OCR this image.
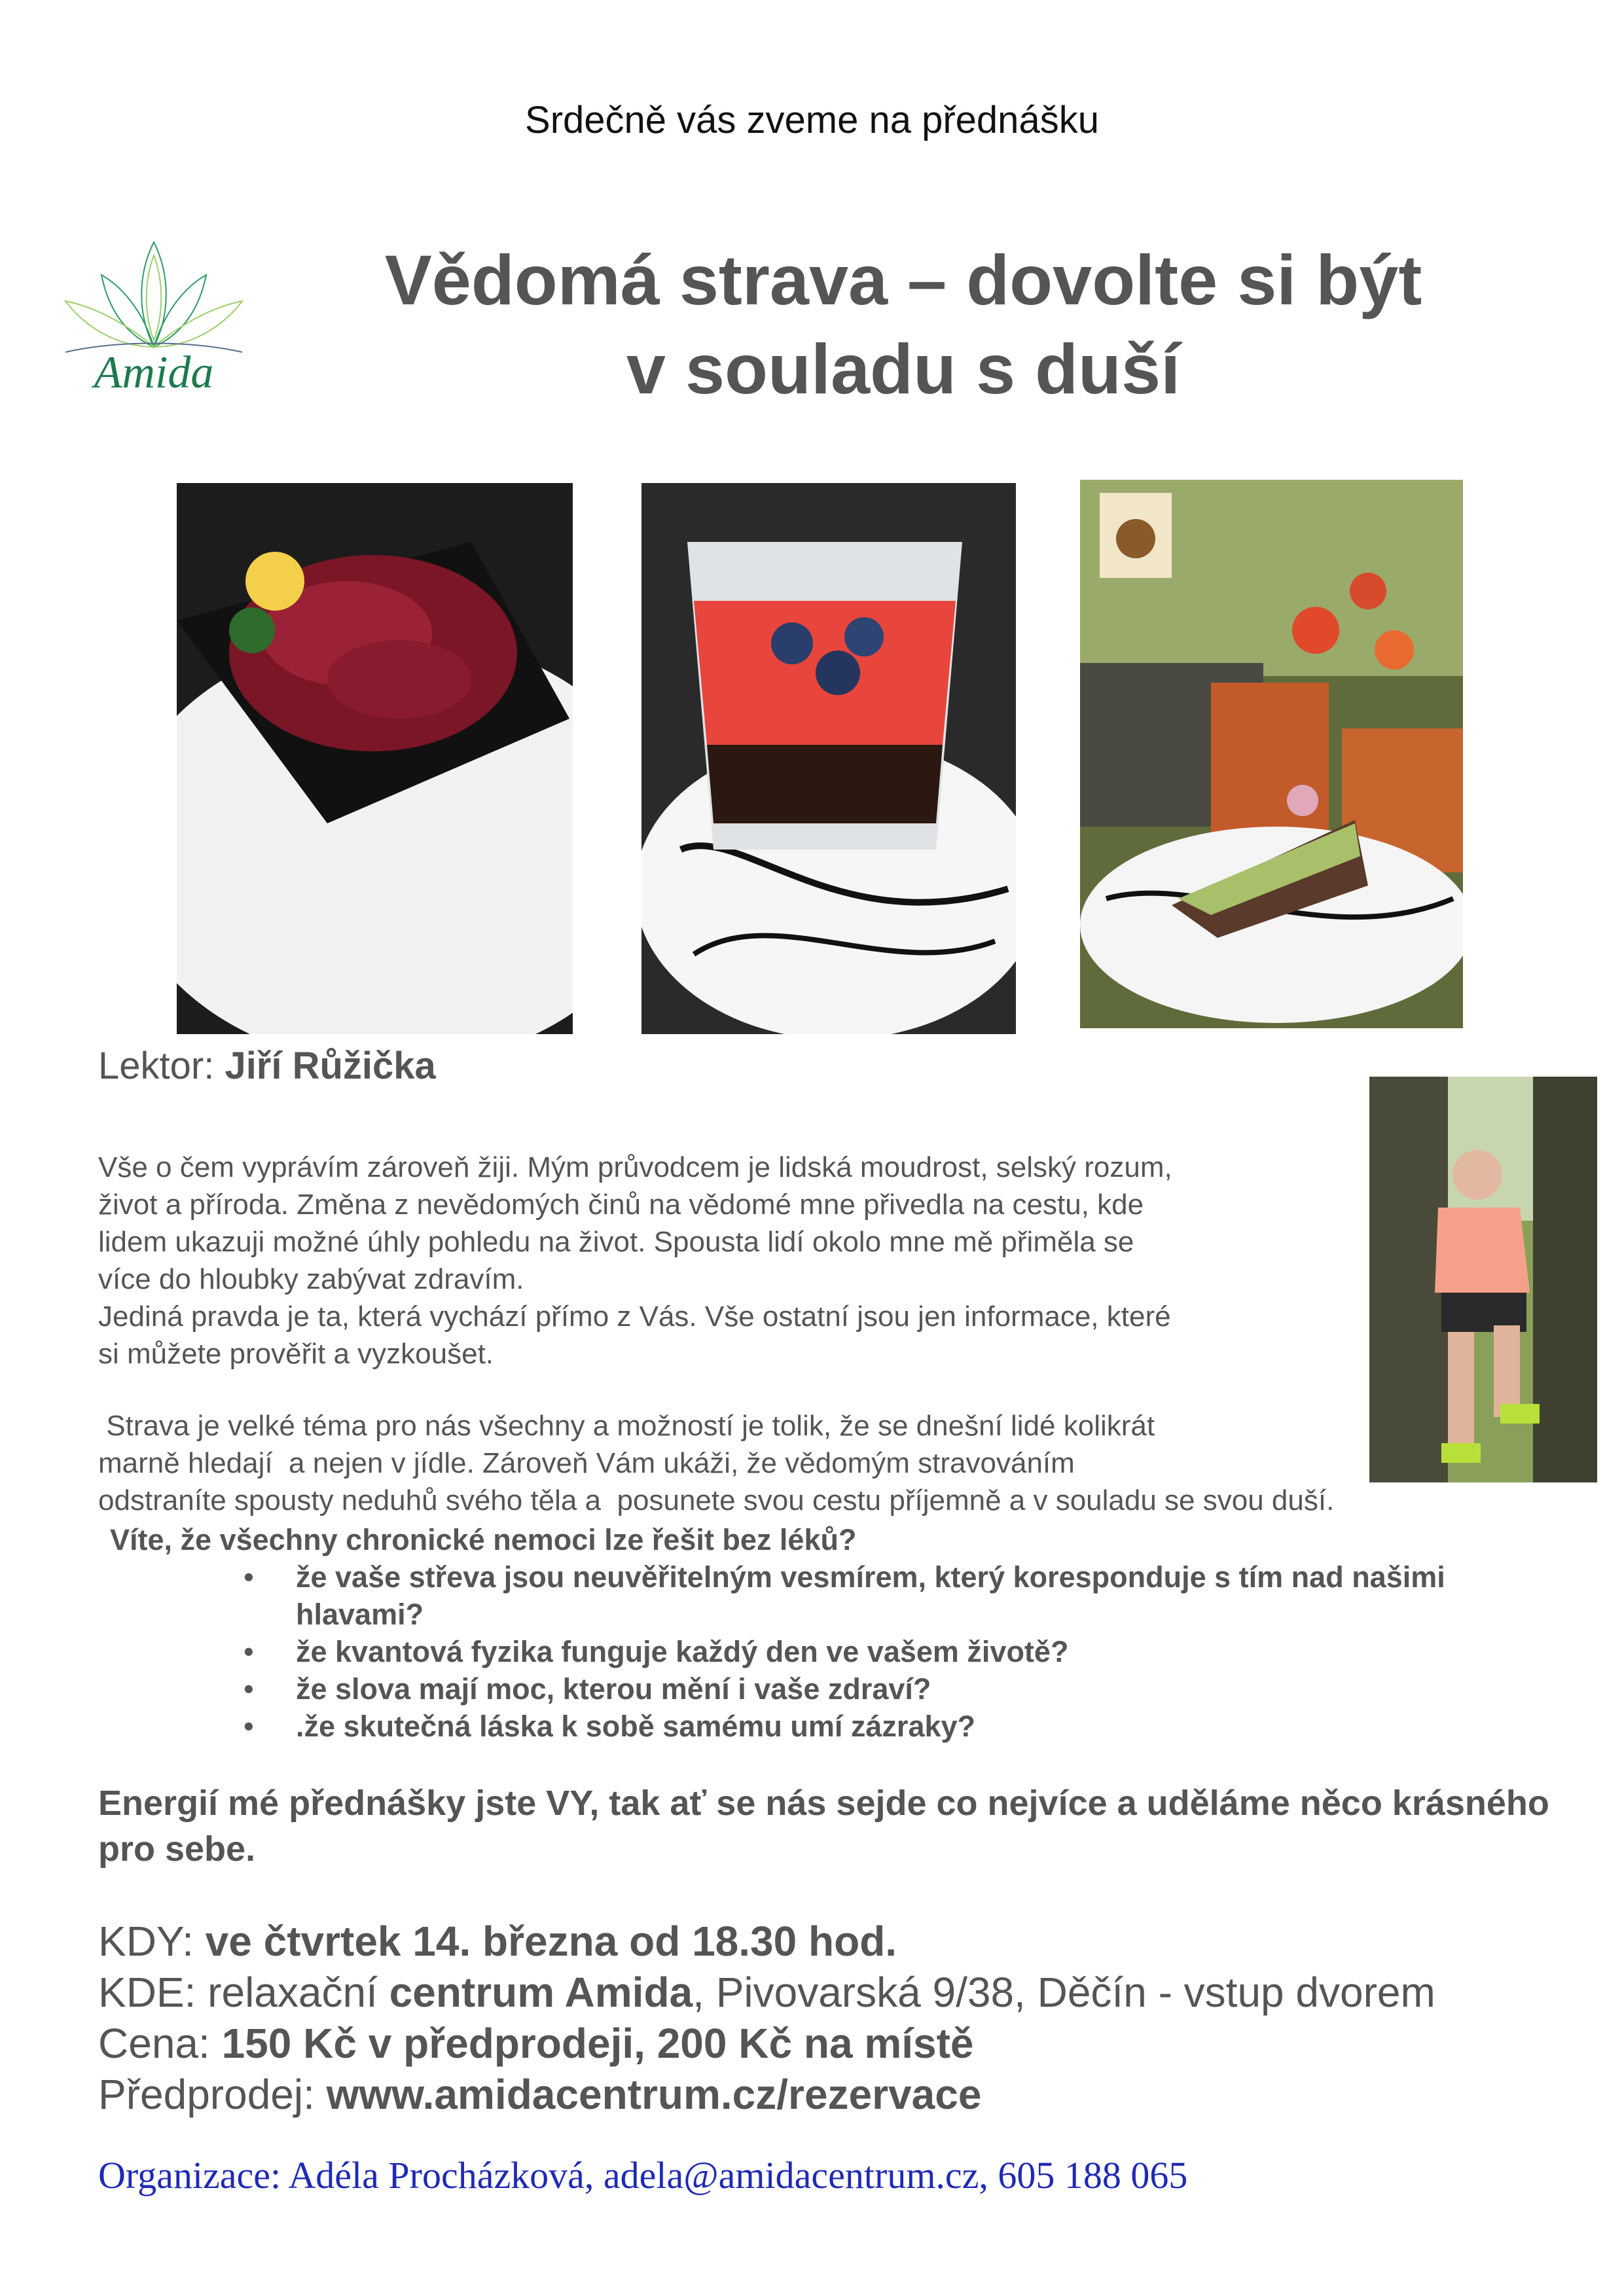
Srdečně vás zveme na přednášku
Amida
Vědomá strava – dovolte si být
v souladu s duší
Lektor: Jiří Růžička
Vše o čem vyprávím zároveň žiji. Mým průvodcem je lidská moudrost, selský rozum,
život a příroda. Změna z nevědomých činů na vědomé mne přivedla na cestu, kde
lidem ukazuji možné úhly pohledu na život. Spousta lidí okolo mne mě přiměla se
více do hloubky zabývat zdravím.
Jediná pravda je ta, která vychází přímo z Vás. Vše ostatní jsou jen informace, které
si můžete prověřit a vyzkoušet.
Strava je velké téma pro nás všechny a možností je tolik, že se dnešní lidé kolikrát
marně hledají  a nejen v jídle. Zároveň Vám ukáži, že vědomým stravováním
odstraníte spousty neduhů svého těla a  posunete svou cestu příjemně a v souladu se svou duší.
Víte, že všechny chronické nemoci lze řešit bez léků?
• že vaše střeva jsou neuvěřitelným vesmírem, který koresponduje s tím nad našimi hlavami?
• že kvantová fyzika funguje každý den ve vašem životě?
• že slova mají moc, kterou mění i vaše zdraví?
• .že skutečná láska k sobě samému umí zázraky?
Energií mé přednášky jste VY, tak ať se nás sejde co nejvíce a uděláme něco krásného pro sebe.
KDY: ve čtvrtek 14. března od 18.30 hod.
KDE: relaxační centrum Amida, Pivovarská 9/38, Děčín - vstup dvorem
Cena: 150 Kč v předprodeji, 200 Kč na místě
Předprodej: www.amidacentrum.cz/rezervace
Organizace: Adéla Procházková, adela@amidacentrum.cz, 605 188 065
